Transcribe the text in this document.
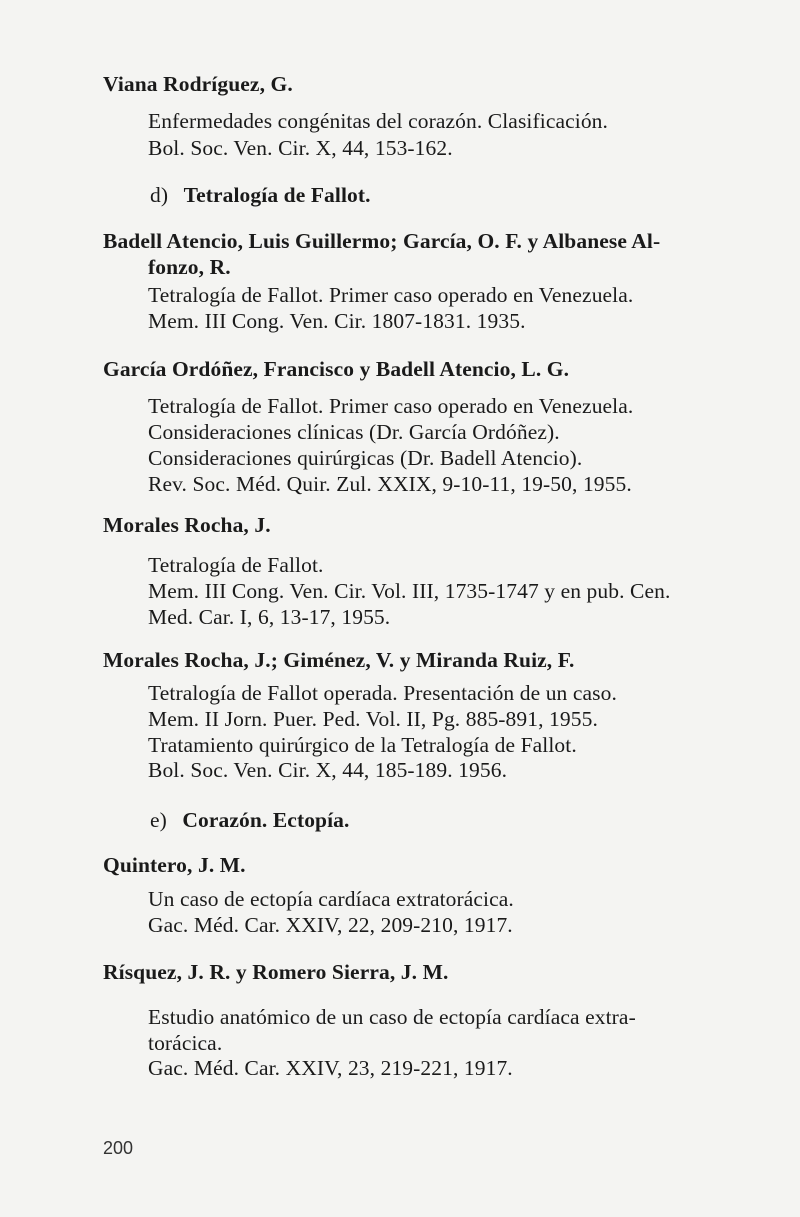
Viana Rodríguez, G.
Enfermedades congénitas del corazón. Clasificación.
Bol. Soc. Ven. Cir. X, 44, 153-162.
d) Tetralogía de Fallot.
Badell Atencio, Luis Guillermo; García, O. F. y Albanese Al-
fonzo, R.
Tetralogía de Fallot. Primer caso operado en Venezuela.
Mem. III Cong. Ven. Cir. 1807-1831. 1935.
García Ordóñez, Francisco y Badell Atencio, L. G.
Tetralogía de Fallot. Primer caso operado en Venezuela.
Consideraciones clínicas (Dr. García Ordóñez).
Consideraciones quirúrgicas (Dr. Badell Atencio).
Rev. Soc. Méd. Quir. Zul. XXIX, 9-10-11, 19-50, 1955.
Morales Rocha, J.
Tetralogía de Fallot.
Mem. III Cong. Ven. Cir. Vol. III, 1735-1747 y en pub. Cen.
Med. Car. I, 6, 13-17, 1955.
Morales Rocha, J.; Giménez, V. y Miranda Ruiz, F.
Tetralogía de Fallot operada. Presentación de un caso.
Mem. II Jorn. Puer. Ped. Vol. II, Pg. 885-891, 1955.
Tratamiento quirúrgico de la Tetralogía de Fallot.
Bol. Soc. Ven. Cir. X, 44, 185-189. 1956.
e) Corazón. Ectopía.
Quintero, J. M.
Un caso de ectopía cardíaca extratorácica.
Gac. Méd. Car. XXIV, 22, 209-210, 1917.
Rísquez, J. R. y Romero Sierra, J. M.
Estudio anatómico de un caso de ectopía cardíaca extra-
torácica.
Gac. Méd. Car. XXIV, 23, 219-221, 1917.
200
